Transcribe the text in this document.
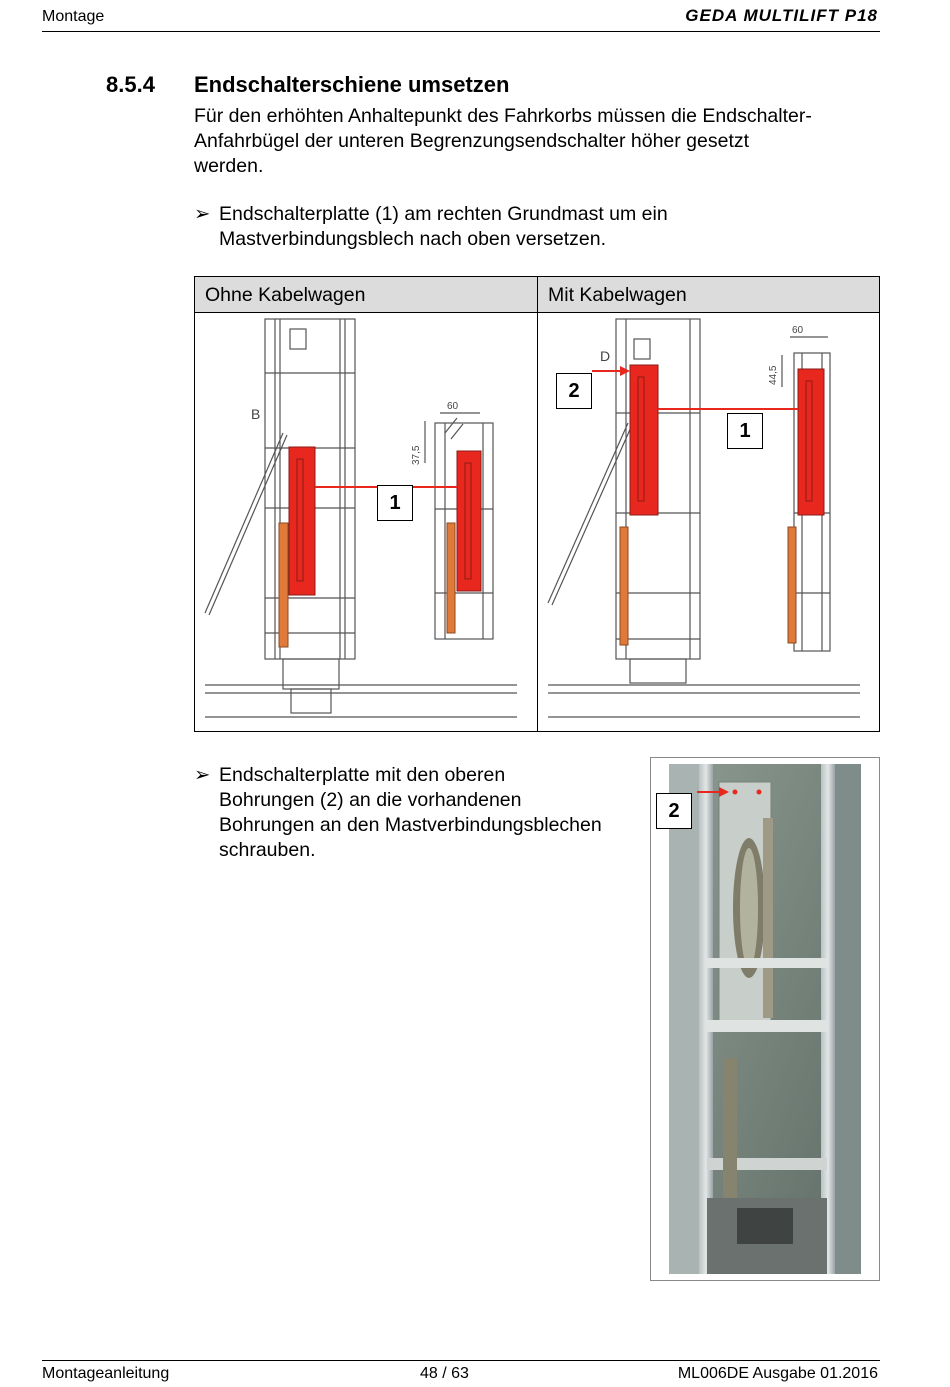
Montage	GEDA MULTILIFT P18
8.5.4 Endschalterschiene umsetzen
Für den erhöhten Anhaltepunkt des Fahrkorbs müssen die Endschalter-
Anfahrbügel der unteren Begrenzungsendschalter höher gesetzt
werden.
➢ Endschalterplatte (1) am rechten Grundmast um ein
Mastverbindungsblech nach oben versetzen.
Ohne Kabelwagen	Mit Kabelwagen
B	60
37,5
1
D
60
44,5
2
1
➢ Endschalterplatte mit den oberen
Bohrungen (2) an die vorhandenen
Bohrungen an den Mastverbindungsblechen
schrauben.
2
Montageanleitung	48 / 63	ML006DE Ausgabe 01.2016
